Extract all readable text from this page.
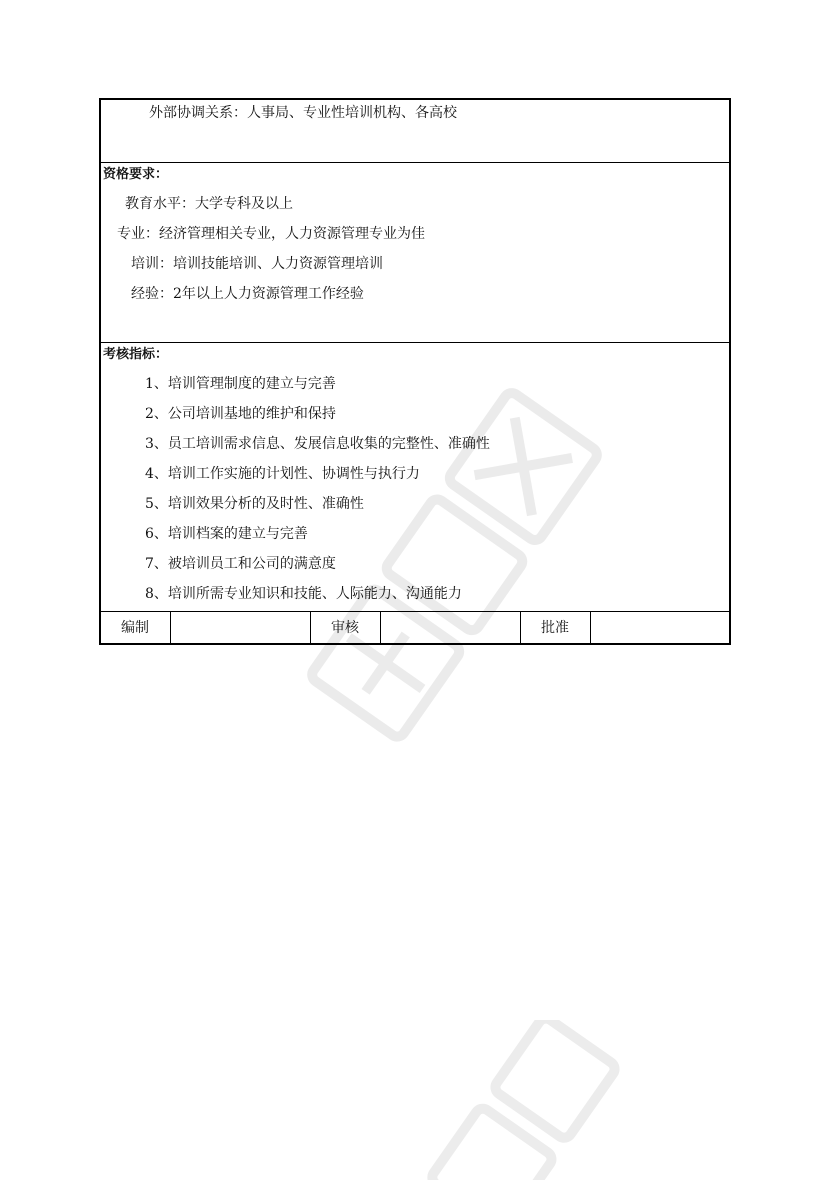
外部协调关系：人事局、专业性培训机构、各高校
资格要求：
教育水平：大学专科及以上
专业：经济管理相关专业，人力资源管理专业为佳
培训：培训技能培训、人力资源管理培训
经验：2年以上人力资源管理工作经验
考核指标：
1、培训管理制度的建立与完善
2、公司培训基地的维护和保持
3、员工培训需求信息、发展信息收集的完整性、准确性
4、培训工作实施的计划性、协调性与执行力
5、培训效果分析的及时性、准确性
6、培训档案的建立与完善
7、被培训员工和公司的满意度
8、培训所需专业知识和技能、人际能力、沟通能力
编制	审核	批准
